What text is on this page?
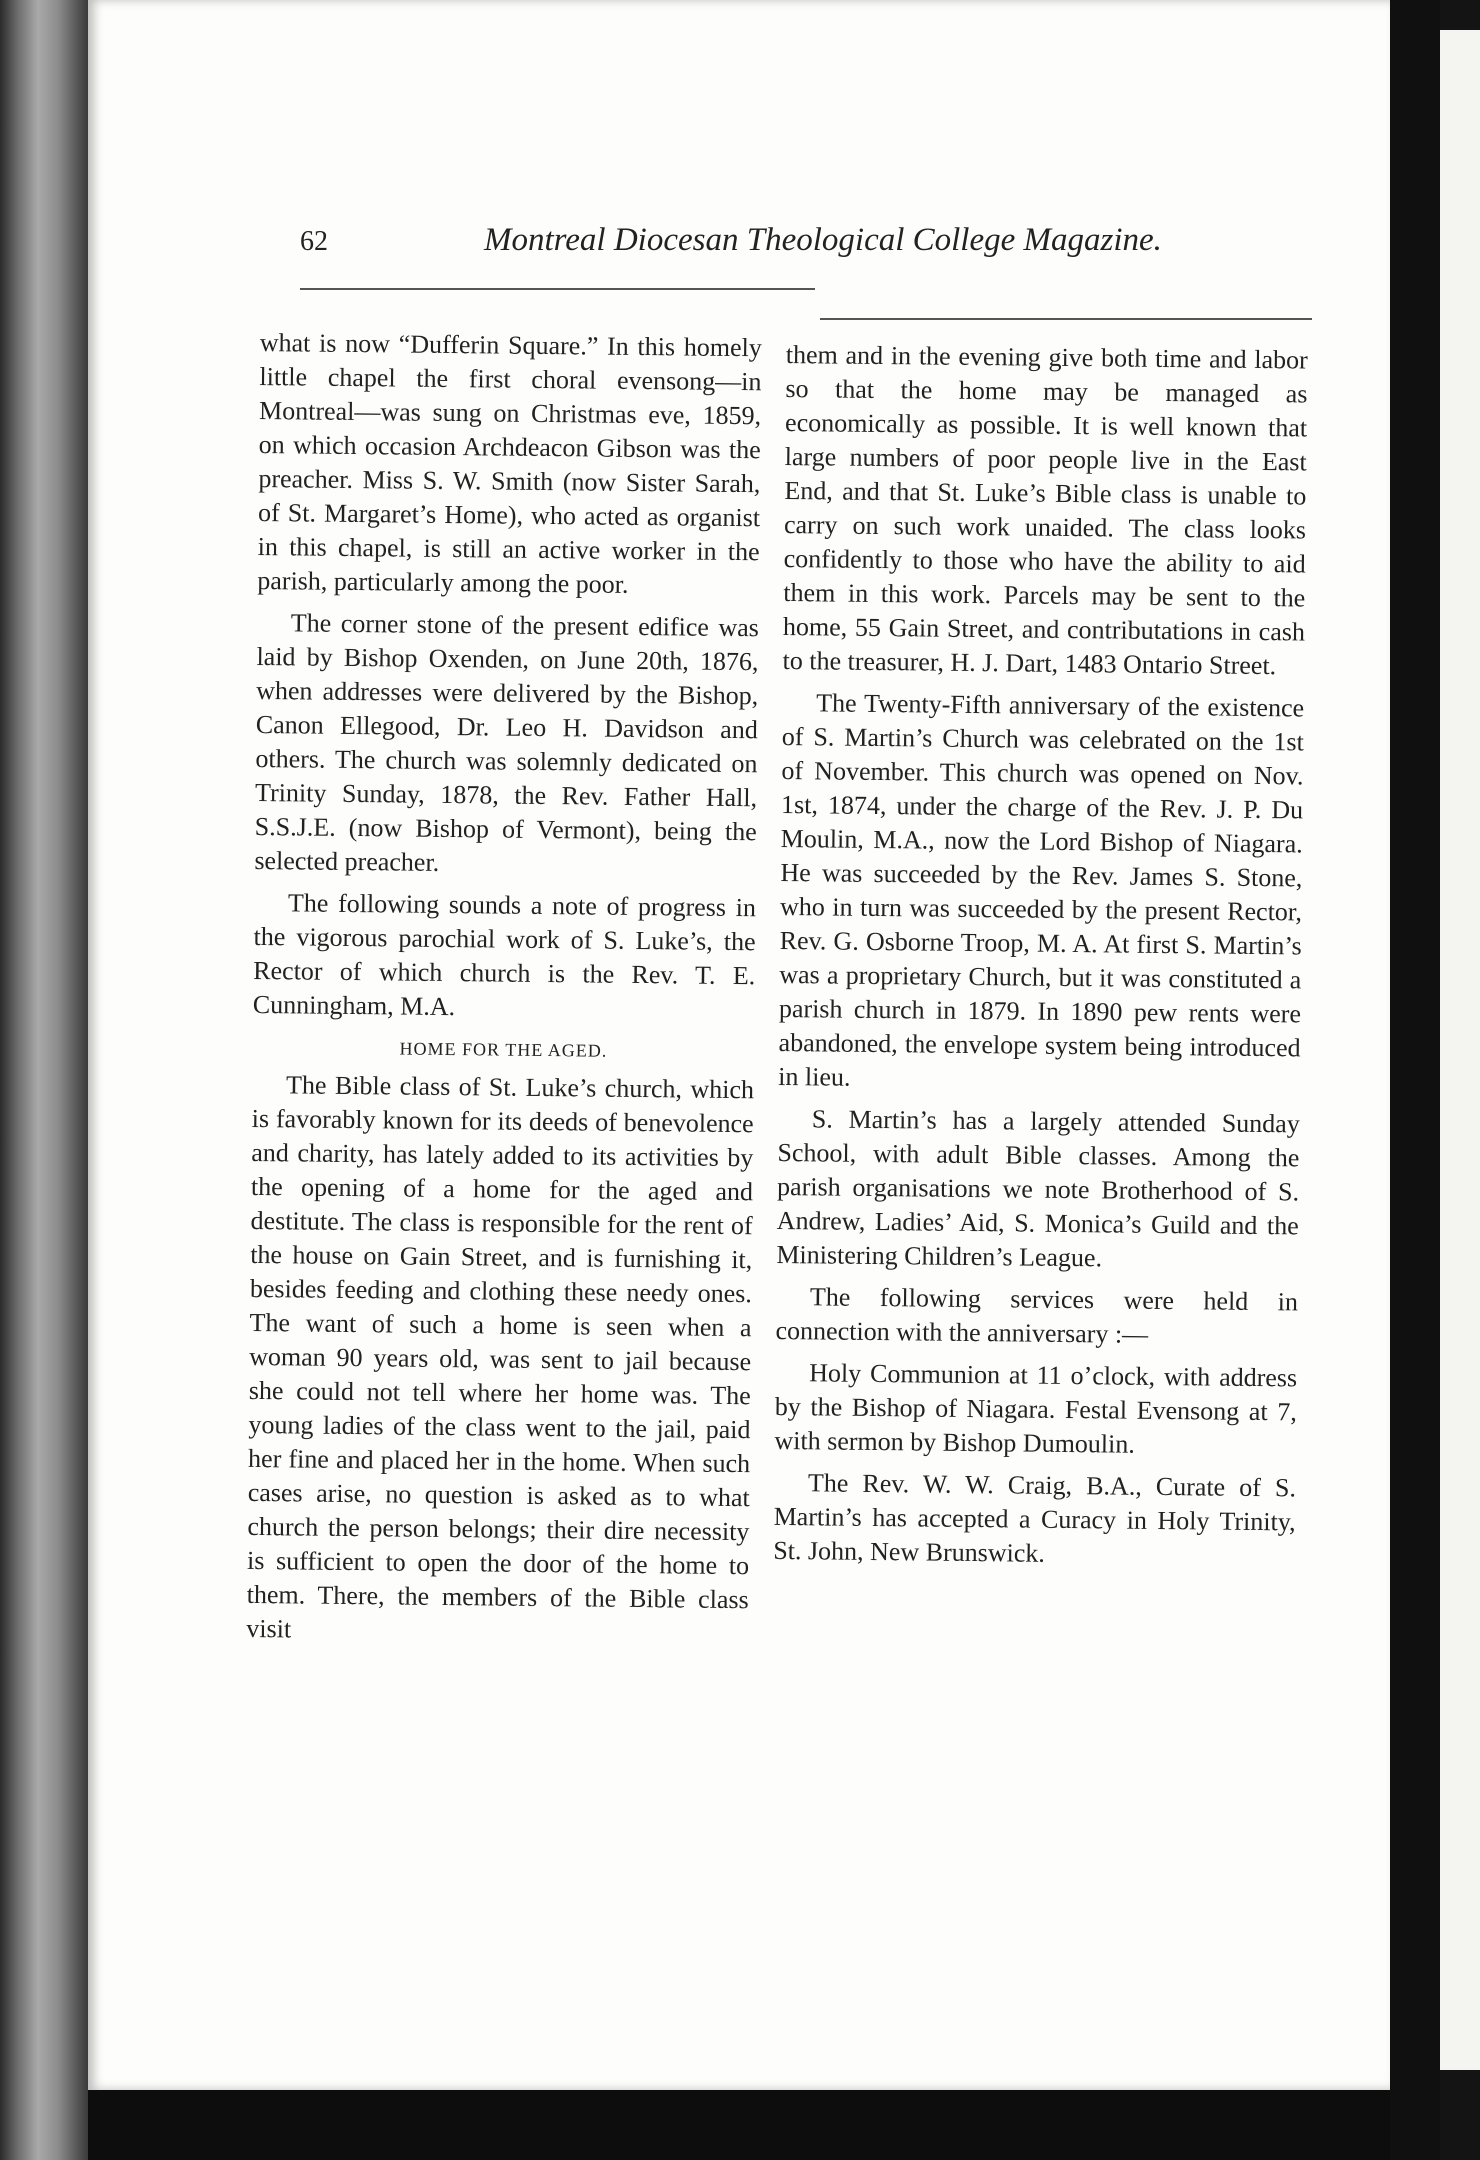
62	Montreal Diocesan Theological College Magazine.

what is now “Dufferin Square.” In this homely little chapel the first choral evensong—in Montreal—was sung on Christmas eve, 1859, on which occasion Archdeacon Gibson was the preacher. Miss S. W. Smith (now Sister Sarah, of St. Margaret’s Home), who acted as organist in this chapel, is still an active worker in the parish, particularly among the poor.

The corner stone of the present edifice was laid by Bishop Oxenden, on June 20th, 1876, when addresses were delivered by the Bishop, Canon Ellegood, Dr. Leo H. Davidson and others. The church was solemnly dedicated on Trinity Sunday, 1878, the Rev. Father Hall, S.S.J.E. (now Bishop of Vermont), being the selected preacher.

The following sounds a note of progress in the vigorous parochial work of S. Luke’s, the Rector of which church is the Rev. T. E. Cunningham, M.A.

HOME FOR THE AGED.

The Bible class of St. Luke’s church, which is favorably known for its deeds of benevolence and charity, has lately added to its activities by the opening of a home for the aged and destitute. The class is responsible for the rent of the house on Gain Street, and is furnishing it, besides feeding and clothing these needy ones. The want of such a home is seen when a woman 90 years old, was sent to jail because she could not tell where her home was. The young ladies of the class went to the jail, paid her fine and placed her in the home. When such cases arise, no question is asked as to what church the person belongs; their dire necessity is sufficient to open the door of the home to them. There, the members of the Bible class visit

them and in the evening give both time and labor so that the home may be managed as economically as possible. It is well known that large numbers of poor people live in the East End, and that St. Luke’s Bible class is unable to carry on such work unaided. The class looks confidently to those who have the ability to aid them in this work. Parcels may be sent to the home, 55 Gain Street, and contributations in cash to the treasurer, H. J. Dart, 1483 Ontario Street.

The Twenty-Fifth anniversary of the existence of S. Martin’s Church was celebrated on the 1st of November. This church was opened on Nov. 1st, 1874, under the charge of the Rev. J. P. Du Moulin, M.A., now the Lord Bishop of Niagara. He was succeeded by the Rev. James S. Stone, who in turn was succeeded by the present Rector, Rev. G. Osborne Troop, M. A. At first S. Martin’s was a proprietary Church, but it was constituted a parish church in 1879. In 1890 pew rents were abandoned, the envelope system being introduced in lieu.

S. Martin’s has a largely attended Sunday School, with adult Bible classes. Among the parish organisations we note Brotherhood of S. Andrew, Ladies’ Aid, S. Monica’s Guild and the Ministering Children’s League.

The following services were held in connection with the anniversary :—

Holy Communion at 11 o’clock, with address by the Bishop of Niagara. Festal Evensong at 7, with sermon by Bishop Dumoulin.

The Rev. W. W. Craig, B.A., Curate of S. Martin’s has accepted a Curacy in Holy Trinity, St. John, New Brunswick.
